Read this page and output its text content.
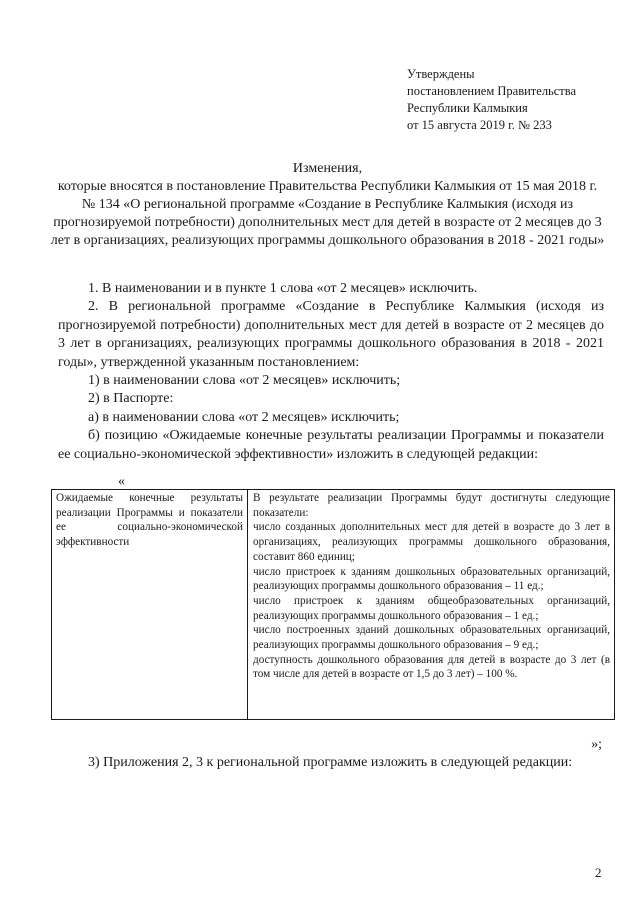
Утверждены
постановлением Правительства
Республики Калмыкия
от 15 августа 2019 г. № 233
Изменения,
которые вносятся в постановление Правительства Республики Калмыкия от 15 мая 2018 г. № 134 «О региональной программе «Создание в Республике Калмыкия (исходя из прогнозируемой потребности) дополнительных мест для детей в возрасте от 2 месяцев до 3 лет в организациях, реализующих программы дошкольного образования в 2018 - 2021 годы»

1. В наименовании и в пункте 1 слова «от 2 месяцев» исключить.

2. В региональной программе «Создание в Республике Калмыкия (исходя из прогнозируемой потребности) дополнительных мест для детей в возрасте от 2 месяцев до 3 лет в организациях, реализующих программы дошкольного образования в 2018 - 2021 годы», утвержденной указанным постановлением:

1) в наименовании слова «от 2 месяцев» исключить;

2) в Паспорте:

а) в наименовании слова «от 2 месяцев» исключить;

б) позицию «Ожидаемые конечные результаты реализации Программы и показатели ее социально-экономической эффективности» изложить в следующей редакции:

«
Ожидаемые конечные результаты реализации Программы и показатели ее социально-экономической эффективности

В результате реализации Программы будут достигнуты следующие показатели:

число созданных дополнительных мест для детей в возрасте до 3 лет в организациях, реализующих программы дошкольного образования, составит 860 единиц;

число пристроек к зданиям дошкольных образовательных организаций, реализующих программы дошкольного образования – 11 ед.;

число пристроек к зданиям общеобразовательных организаций, реализующих программы дошкольного образования – 1 ед.;

число построенных зданий дошкольных образовательных организаций, реализующих программы дошкольного образования – 9 ед.;

доступность дошкольного образования для детей в возрасте до 3 лет (в том числе для детей в возрасте от 1,5 до 3 лет) – 100 %.

»;

3) Приложения 2, 3 к региональной программе изложить в следующей редакции:

2
